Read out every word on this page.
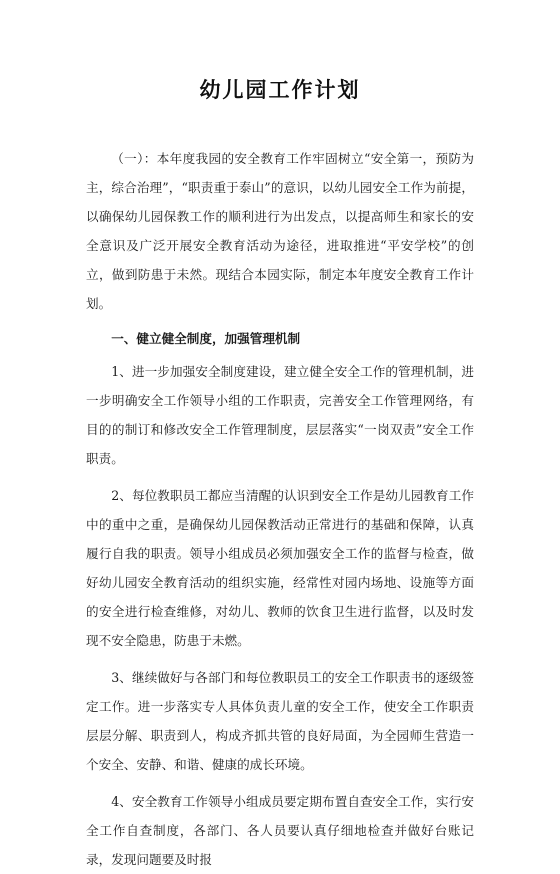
幼儿园工作计划

（一）：本年度我园的安全教育工作牢固树立“安全第一，预防为主，综合治理”，“职责重于泰山”的意识，以幼儿园安全工作为前提，以确保幼儿园保教工作的顺利进行为出发点，以提高师生和家长的安全意识及广泛开展安全教育活动为途径，进取推进“平安学校”的创立，做到防患于未然。现结合本园实际，制定本年度安全教育工作计划。

一、健立健全制度，加强管理机制

1、进一步加强安全制度建设，建立健全安全工作的管理机制，进一步明确安全工作领导小组的工作职责，完善安全工作管理网络，有目的的制订和修改安全工作管理制度，层层落实“一岗双责”安全工作职责。

2、每位教职员工都应当清醒的认识到安全工作是幼儿园教育工作中的重中之重，是确保幼儿园保教活动正常进行的基础和保障，认真履行自我的职责。领导小组成员必须加强安全工作的监督与检查，做好幼儿园安全教育活动的组织实施，经常性对园内场地、设施等方面的安全进行检查维修，对幼儿、教师的饮食卫生进行监督，以及时发现不安全隐患，防患于未燃。

3、继续做好与各部门和每位教职员工的安全工作职责书的逐级签定工作。进一步落实专人具体负责儿童的安全工作，使安全工作职责层层分解、职责到人，构成齐抓共管的良好局面，为全园师生营造一个安全、安静、和谐、健康的成长环境。

4、安全教育工作领导小组成员要定期布置自查安全工作，实行安全工作自查制度，各部门、各人员要认真仔细地检查并做好台账记录，发现问题要及时报
